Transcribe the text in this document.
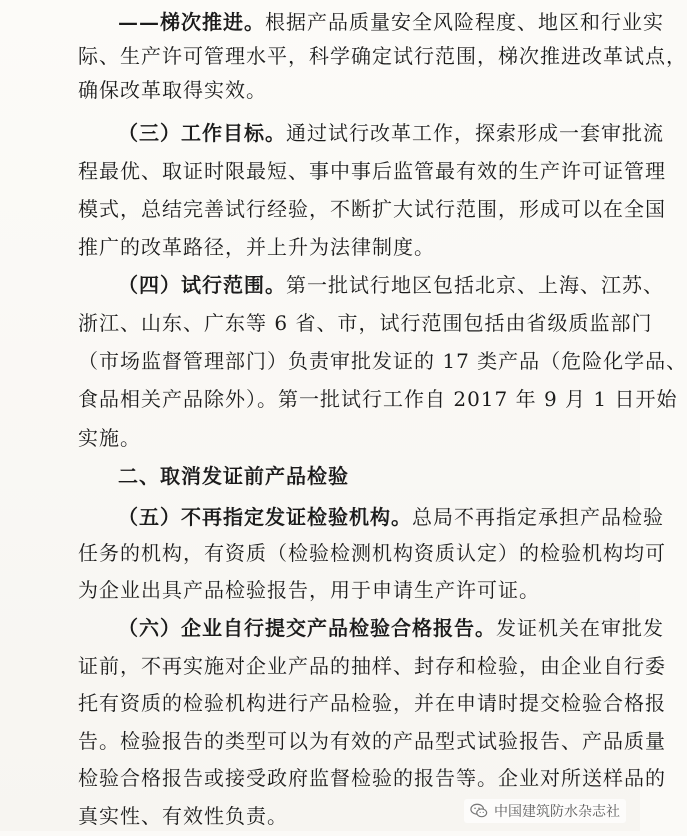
——梯次推进。根据产品质量安全风险程度、地区和行业实

际、生产许可管理水平，科学确定试行范围，梯次推进改革试点，

确保改革取得实效。

（三）工作目标。通过试行改革工作，探索形成一套审批流

程最优、取证时限最短、事中事后监管最有效的生产许可证管理

模式，总结完善试行经验，不断扩大试行范围，形成可以在全国

推广的改革路径，并上升为法律制度。

（四）试行范围。第一批试行地区包括北京、上海、江苏、

浙江、山东、广东等 6 省、市，试行范围包括由省级质监部门

（市场监督管理部门）负责审批发证的 17 类产品（危险化学品、

食品相关产品除外）。第一批试行工作自 2017 年 9 月 1 日开始

实施。

二、取消发证前产品检验

（五）不再指定发证检验机构。总局不再指定承担产品检验

任务的机构，有资质（检验检测机构资质认定）的检验机构均可

为企业出具产品检验报告，用于申请生产许可证。

（六）企业自行提交产品检验合格报告。发证机关在审批发

证前，不再实施对企业产品的抽样、封存和检验，由企业自行委

托有资质的检验机构进行产品检验，并在申请时提交检验合格报

告。检验报告的类型可以为有效的产品型式试验报告、产品质量

检验合格报告或接受政府监督检验的报告等。企业对所送样品的

真实性、有效性负责。	中国建筑防水杂志社
